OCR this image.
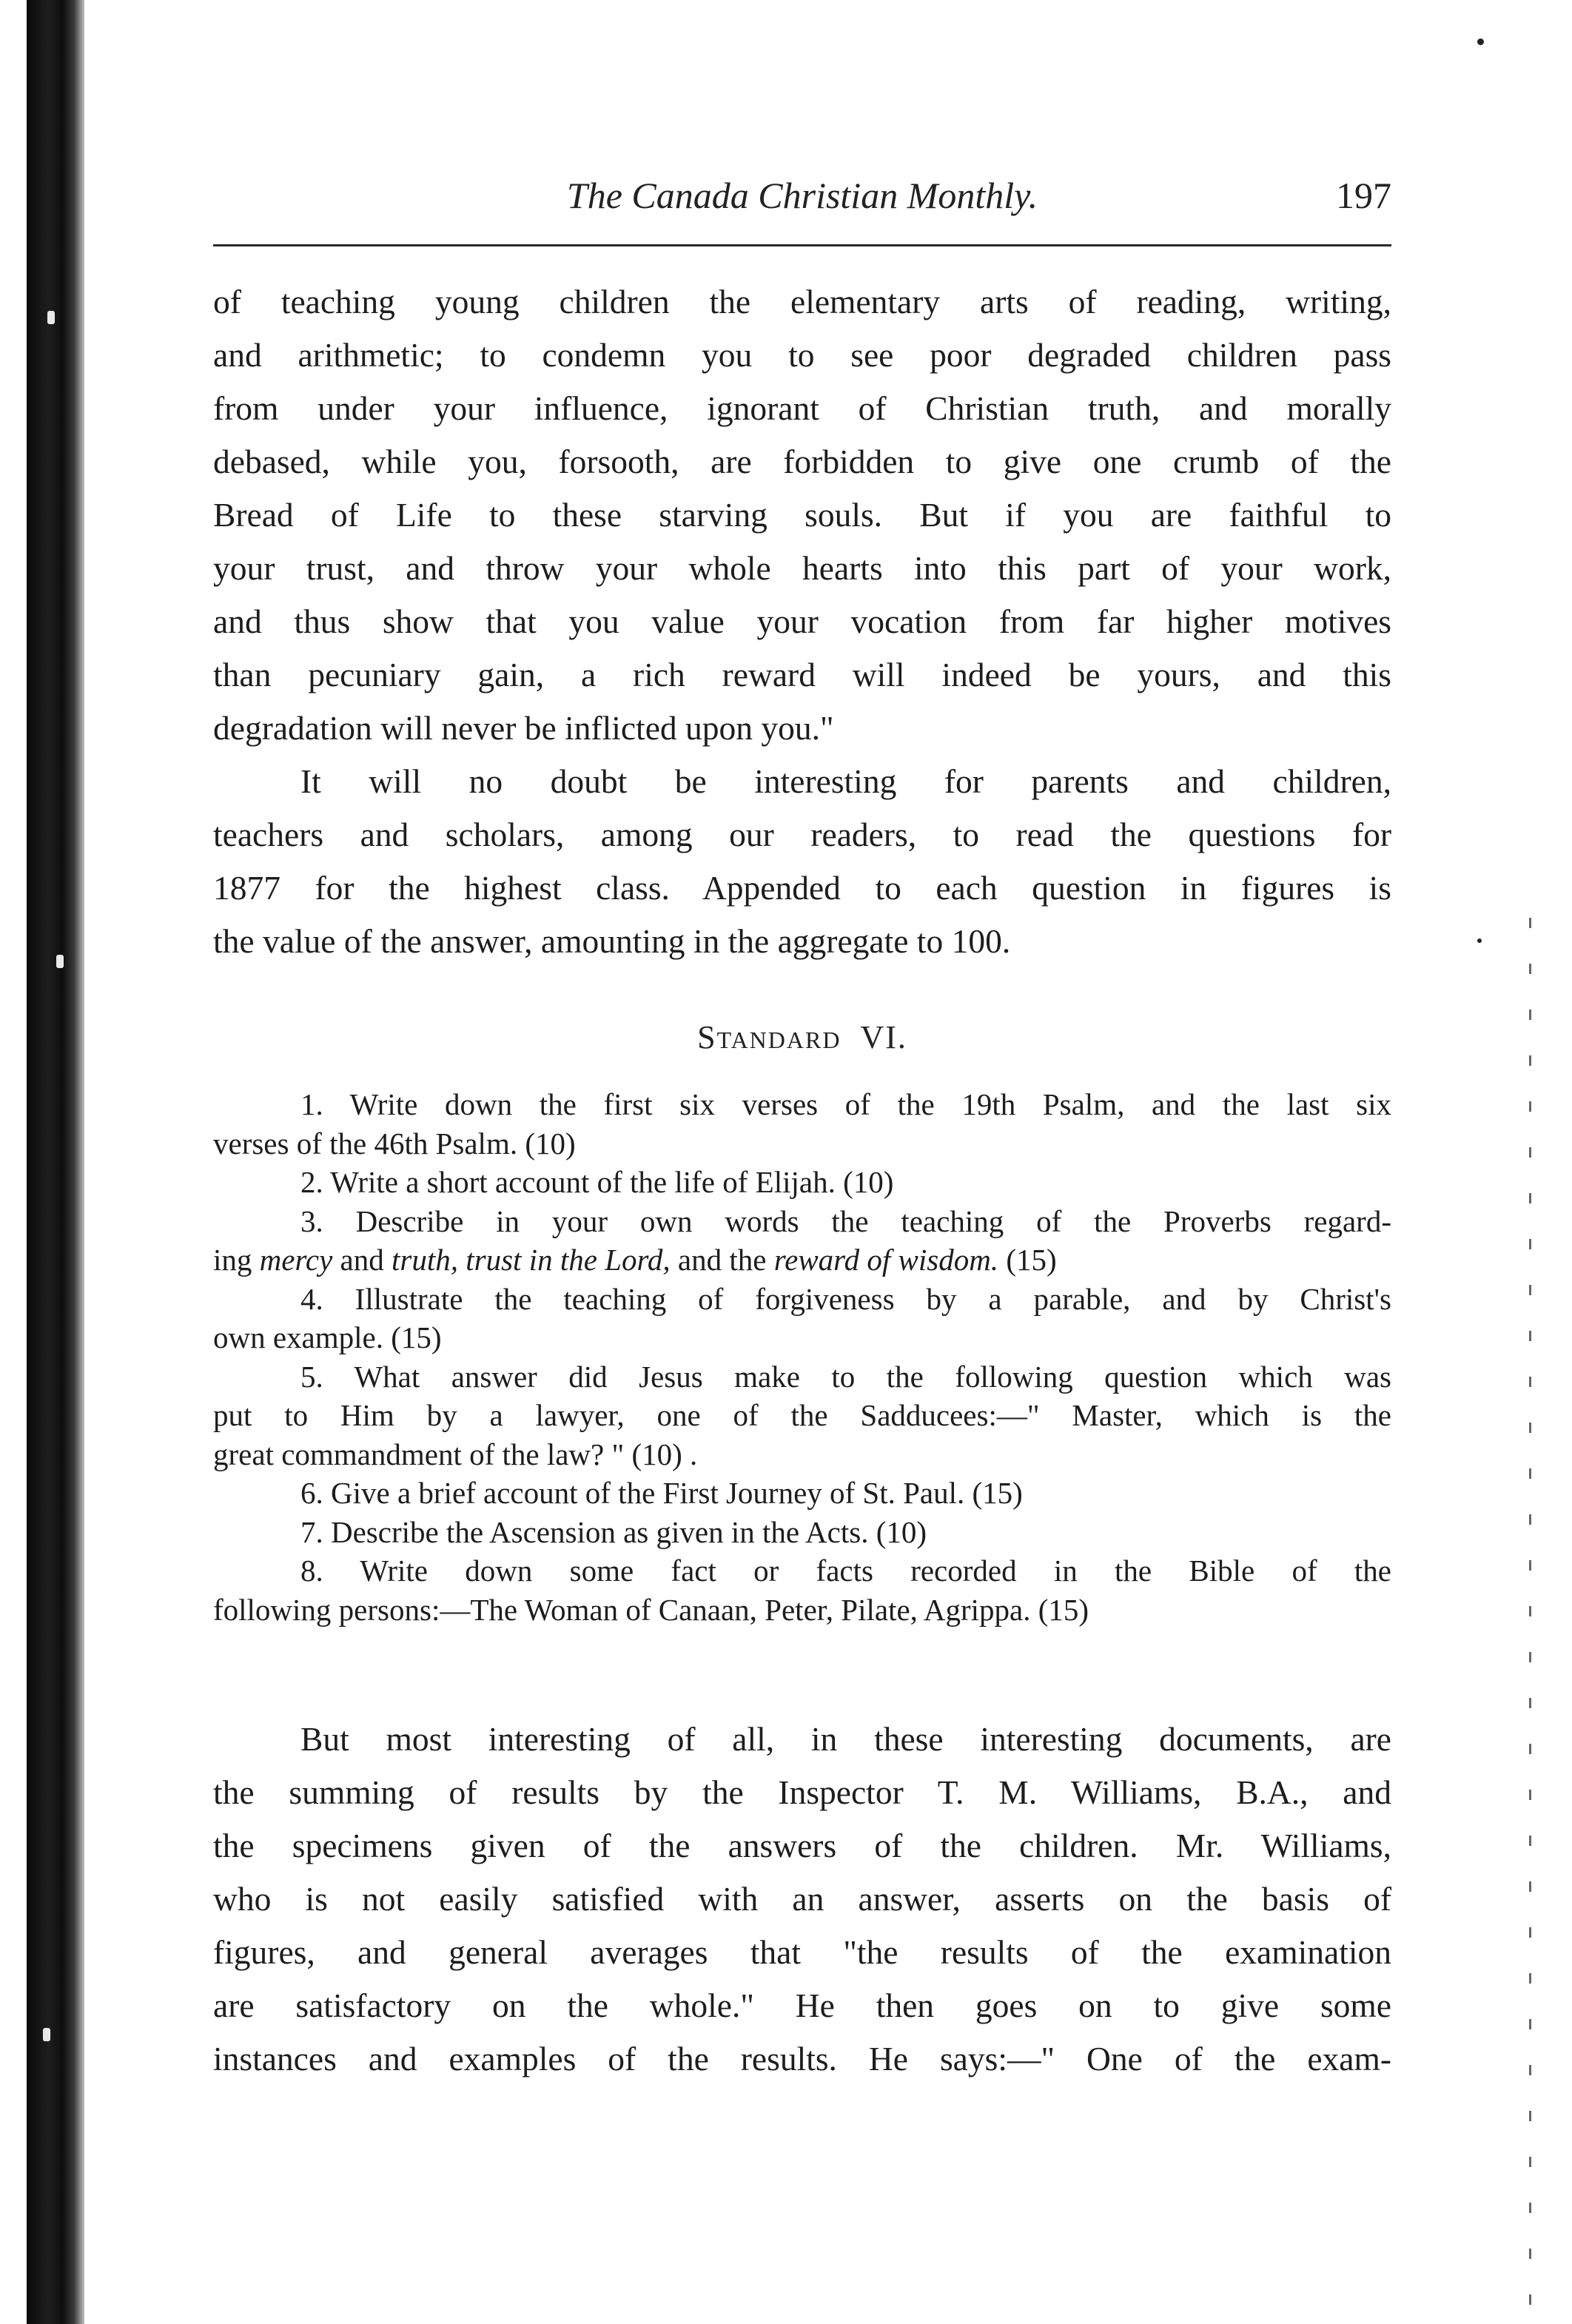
The Canada Christian Monthly.	197

of teaching young children the elementary arts of reading, writing,

and arithmetic; to condemn you to see poor degraded children pass

from under your influence, ignorant of Christian truth, and morally

debased, while you, forsooth, are forbidden to give one crumb of the

Bread of Life to these starving souls. But if you are faithful to

your trust, and throw your whole hearts into this part of your work,

and thus show that you value your vocation from far higher motives

than pecuniary gain, a rich reward will indeed be yours, and this

degradation will never be inflicted upon you."

It will no doubt be interesting for parents and children,

teachers and scholars, among our readers, to read the questions for

1877 for the highest class. Appended to each question in figures is

the value of the answer, amounting in the aggregate to 100.

STANDARD VI.

1. Write down the first six verses of the 19th Psalm, and the last six

verses of the 46th Psalm. (10)

2. Write a short account of the life of Elijah. (10)

3. Describe in your own words the teaching of the Proverbs regard-

ing mercy and truth, trust in the Lord, and the reward of wisdom. (15)

4. Illustrate the teaching of forgiveness by a parable, and by Christ's

own example. (15)

5. What answer did Jesus make to the following question which was

put to Him by a lawyer, one of the Sadducees:—" Master, which is the

great commandment of the law? " (10) .

6. Give a brief account of the First Journey of St. Paul. (15)

7. Describe the Ascension as given in the Acts. (10)

8. Write down some fact or facts recorded in the Bible of the

following persons:—The Woman of Canaan, Peter, Pilate, Agrippa. (15)

But most interesting of all, in these interesting documents, are

the summing of results by the Inspector T. M. Williams, B.A., and

the specimens given of the answers of the children. Mr. Williams,

who is not easily satisfied with an answer, asserts on the basis of

figures, and general averages that "the results of the examination

are satisfactory on the whole." He then goes on to give some

instances and examples of the results. He says:—" One of the exam-
